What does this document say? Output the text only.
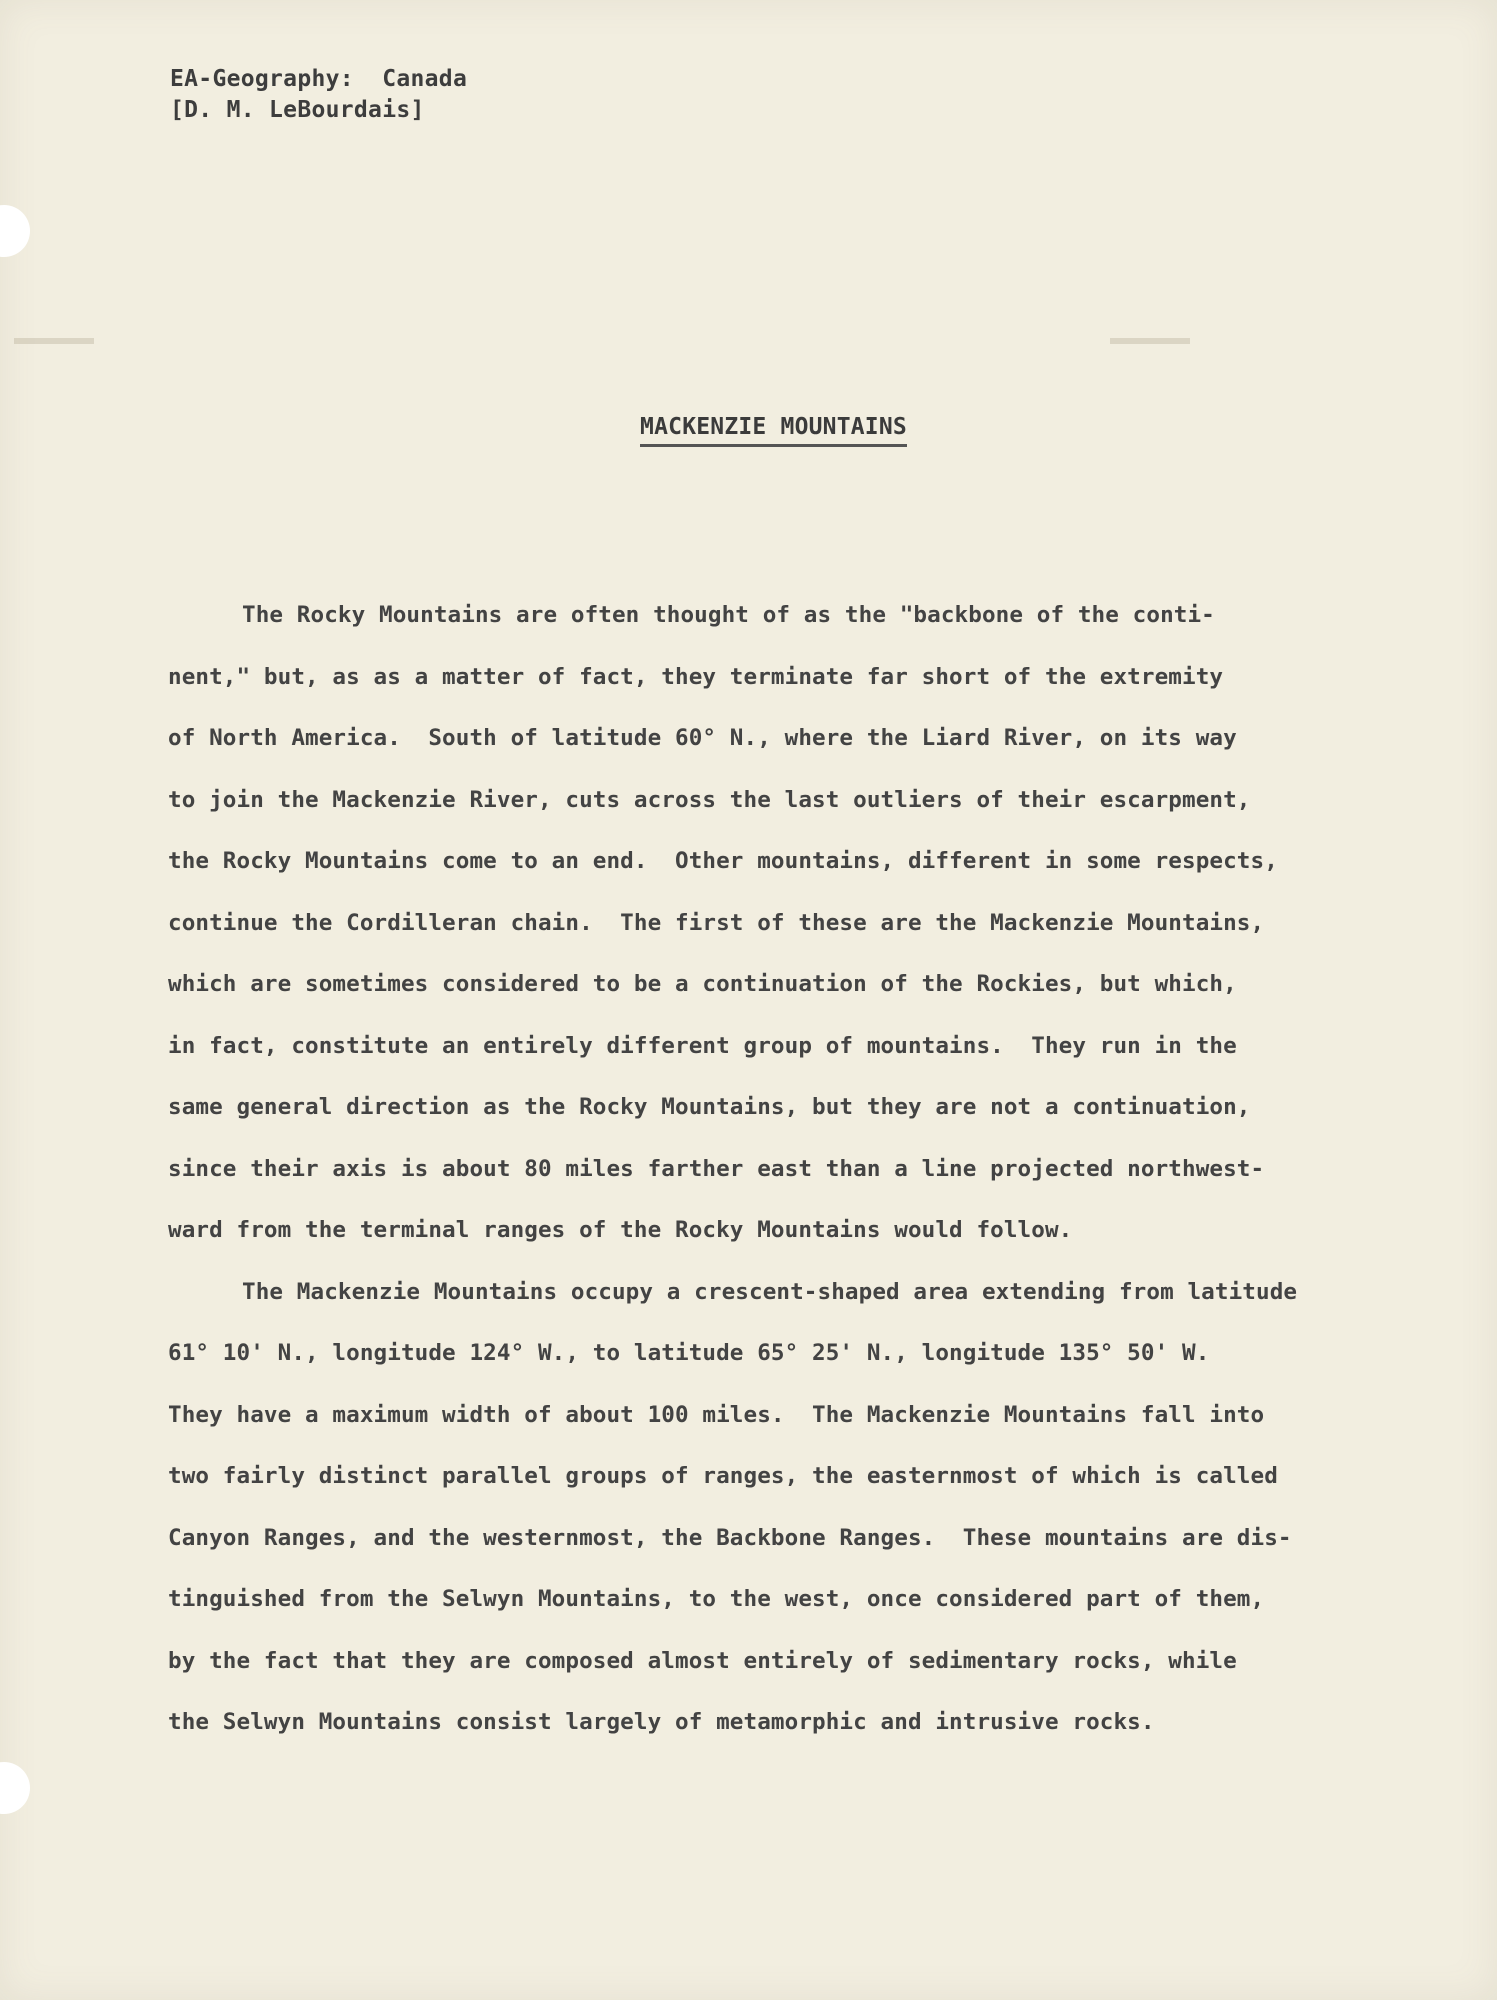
EA-Geography:  Canada
[D. M. LeBourdais]
MACKENZIE MOUNTAINS
The Rocky Mountains are often thought of as the "backbone of the conti-
nent," but, as as a matter of fact, they terminate far short of the extremity
of North America.  South of latitude 60° N., where the Liard River, on its way
to join the Mackenzie River, cuts across the last outliers of their escarpment,
the Rocky Mountains come to an end.  Other mountains, different in some respects,
continue the Cordilleran chain.  The first of these are the Mackenzie Mountains,
which are sometimes considered to be a continuation of the Rockies, but which,
in fact, constitute an entirely different group of mountains.  They run in the
same general direction as the Rocky Mountains, but they are not a continuation,
since their axis is about 80 miles farther east than a line projected northwest-
ward from the terminal ranges of the Rocky Mountains would follow.
The Mackenzie Mountains occupy a crescent-shaped area extending from latitude
61° 10' N., longitude 124° W., to latitude 65° 25' N., longitude 135° 50' W.
They have a maximum width of about 100 miles.  The Mackenzie Mountains fall into
two fairly distinct parallel groups of ranges, the easternmost of which is called
Canyon Ranges, and the westernmost, the Backbone Ranges.  These mountains are dis-
tinguished from the Selwyn Mountains, to the west, once considered part of them,
by the fact that they are composed almost entirely of sedimentary rocks, while
the Selwyn Mountains consist largely of metamorphic and intrusive rocks.
